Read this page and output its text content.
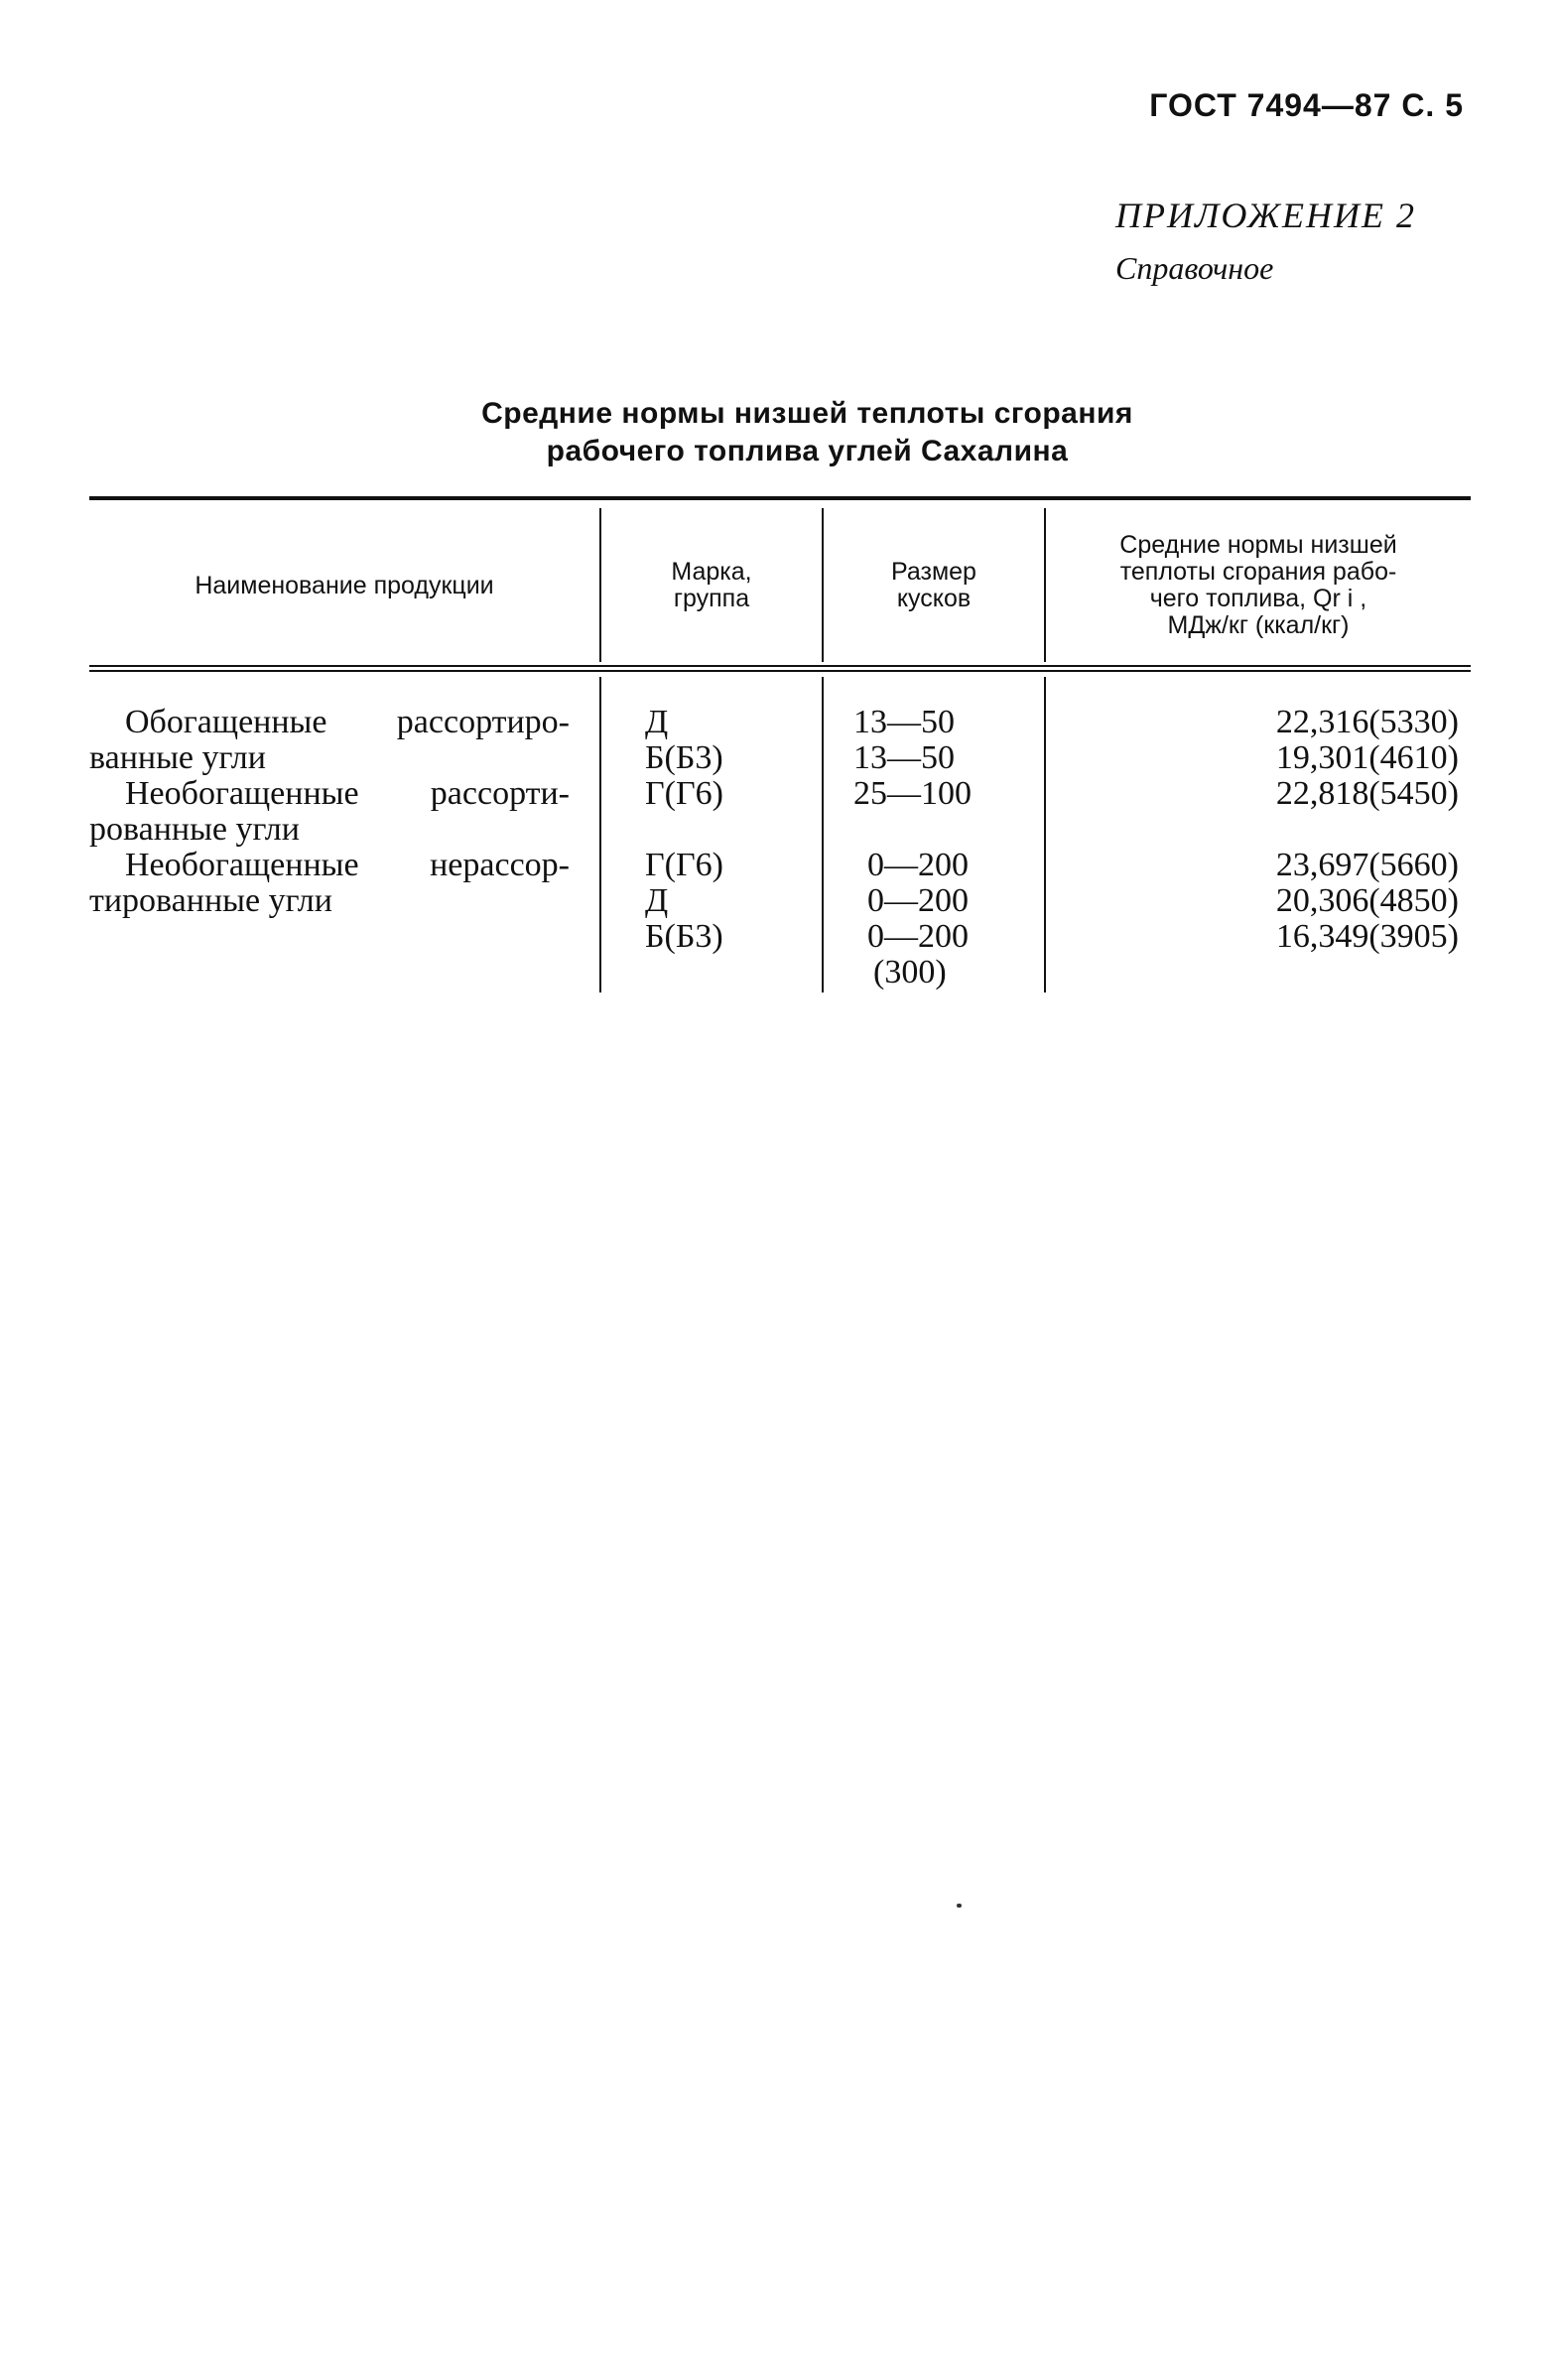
ГОСТ 7494—87 С. 5
ПРИЛОЖЕНИЕ 2
Справочное
Средние нормы низшей теплоты сгорания
рабочего топлива углей Сахалина
Наименование продукции	Марка,
группа
Размер
кусков
Средние нормы низшей
теплоты сгорания рабо-
чего топлива, Qr i ,
МДж/кг (ккал/кг)
Обогащенные рассортиро-
ванные угли
Необогащенные рассорти-
рованные угли
Необогащенные нерассор-
тированные угли
Д
Б(Б3)
Г(Г6)
Г(Г6)
Д
Б(Б3)
13—50
13—50
25—100
0—200
0—200
0—200
(300)
22,316(5330)
19,301(4610)
22,818(5450)
23,697(5660)
20,306(4850)
16,349(3905)
